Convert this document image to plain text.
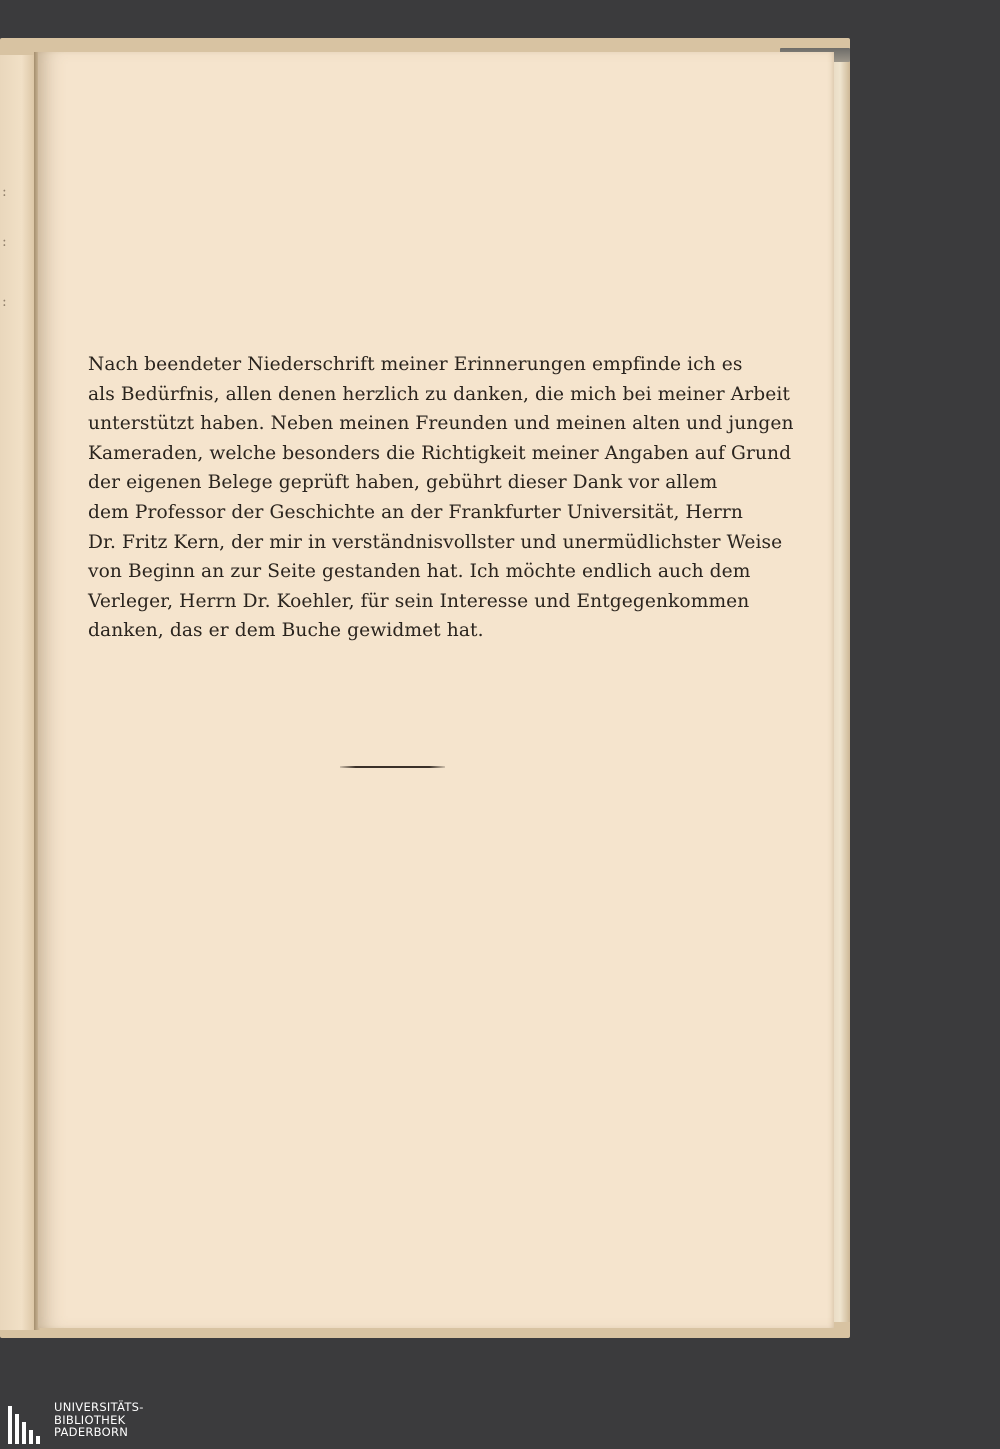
:
:
:
Nach beendeter Niederschrift meiner Erinnerungen empfinde ich es
als Bedürfnis, allen denen herzlich zu danken, die mich bei meiner Arbeit
unterstützt haben. Neben meinen Freunden und meinen alten und jungen
Kameraden, welche besonders die Richtigkeit meiner Angaben auf Grund
der eigenen Belege geprüft haben, gebührt dieser Dank vor allem
dem Professor der Geschichte an der Frankfurter Universität, Herrn
Dr. Fritz Kern, der mir in verständnisvollster und unermüdlichster Weise
von Beginn an zur Seite gestanden hat. Ich möchte endlich auch dem
Verleger, Herrn Dr. Koehler, für sein Interesse und Entgegenkommen
danken, das er dem Buche gewidmet hat.
UNIVERSITÄTS-
BIBLIOTHEK
PADERBORN
